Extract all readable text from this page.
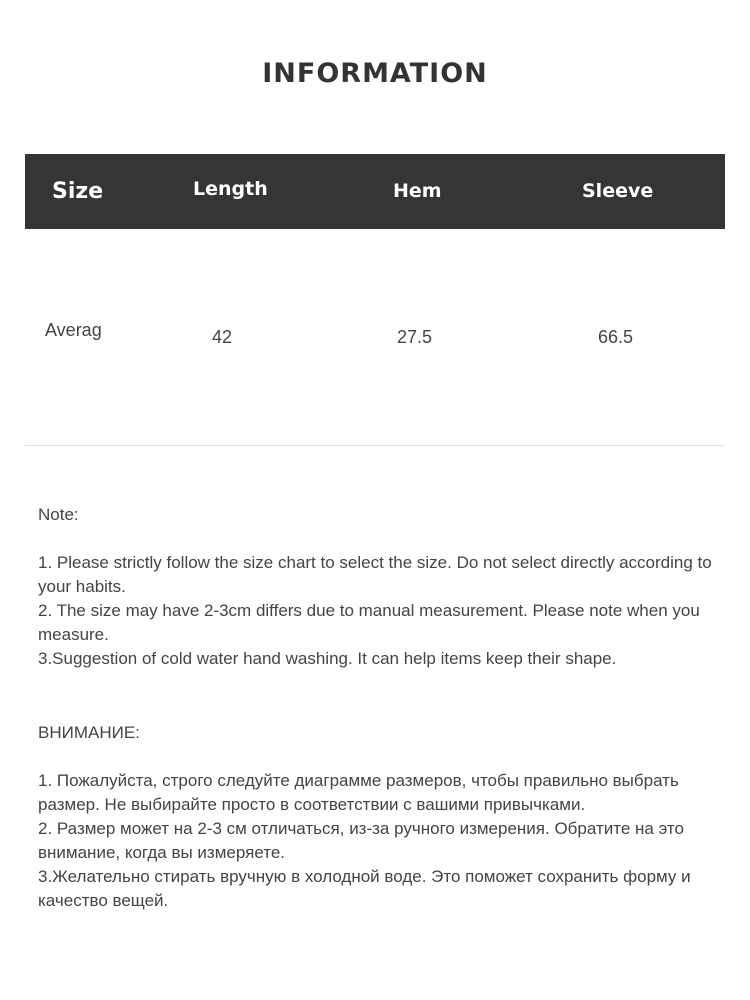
INFORMATION
Size	Length	Hem	Sleeve
Averag	42	27.5	66.5

Note:

1. Please strictly follow the size chart to select the size. Do not select directly according to your habits.

2. The size may have 2-3cm differs due to manual measurement. Please note when you measure.

3.Suggestion of cold water hand washing. It can help items keep their shape.

ВНИМАНИЕ:

1. Пожалуйста, строго следуйте диаграмме размеров, чтобы правильно выбрать размер. Не выбирайте просто в соответствии с вашими привычками.

2. Размер может на 2-3 см отличаться, из-за ручного измерения. Обратите на это внимание, когда вы измеряете.

3.Желательно стирать вручную в холодной воде. Это поможет сохранить форму и качество вещей.
